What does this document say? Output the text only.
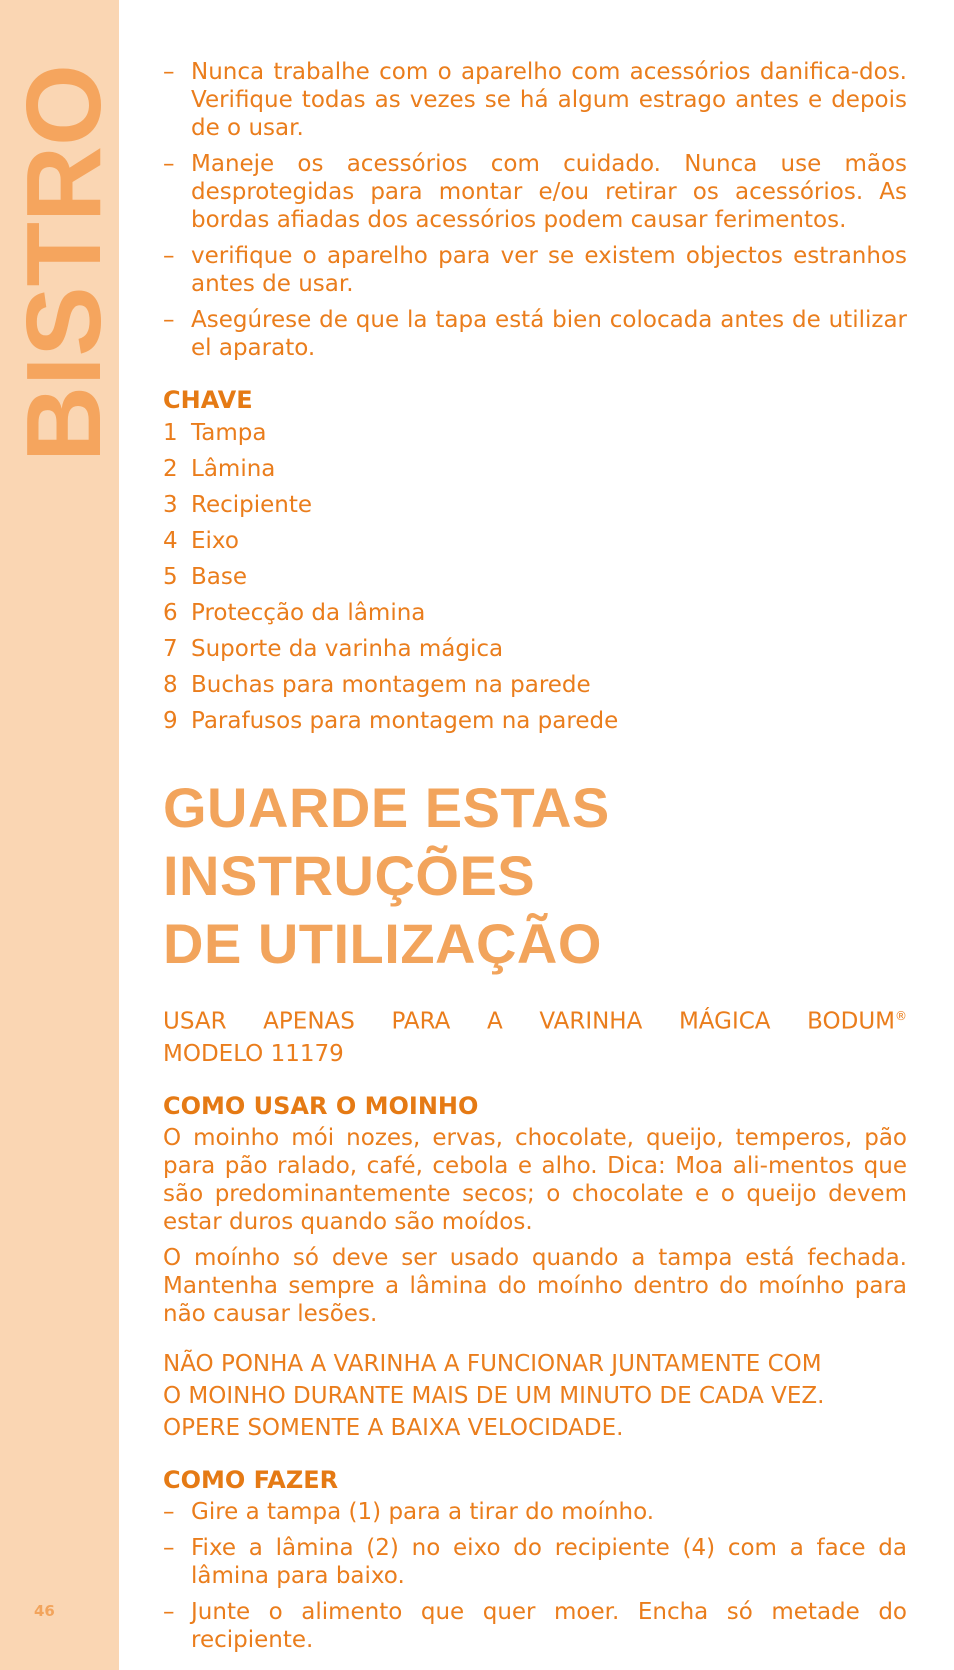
BISTRO
46
– Nunca trabalhe com o aparelho com acessórios danifica-dos. Verifique todas as vezes se há algum estrago antes e depois de o usar.
– Maneje os acessórios com cuidado. Nunca use mãos desprotegidas para montar e/ou retirar os acessórios. As bordas afiadas dos acessórios podem causar ferimentos.
– verifique o aparelho para ver se existem objectos estranhos antes de usar.
– Asegúrese de que la tapa está bien colocada antes de utilizar el aparato.
CHAVE
1 Tampa
2 Lâmina
3 Recipiente
4 Eixo
5 Base
6 Protecção da lâmina
7 Suporte da varinha mágica
8 Buchas para montagem na parede
9 Parafusos para montagem na parede
GUARDE ESTAS INSTRUÇÕES
DE UTILIZAÇÃO
USAR APENAS PARA A VARINHA MÁGICA BODUM®
MODELO 11179
COMO USAR O MOINHO

O moinho mói nozes, ervas, chocolate, queijo, temperos, pão para pão ralado, café, cebola e alho. Dica: Moa ali-mentos que são predominantemente secos; o chocolate e o queijo devem estar duros quando são moídos.

O moínho só deve ser usado quando a tampa está fechada. Mantenha sempre a lâmina do moínho dentro do moínho para não causar lesões.

NÃO PONHA A VARINHA A FUNCIONAR JUNTAMENTE COM
O MOINHO DURANTE MAIS DE UM MINUTO DE CADA VEZ.
OPERE SOMENTE A BAIXA VELOCIDADE.
COMO FAZER
– Gire a tampa (1) para a tirar do moínho.
– Fixe a lâmina (2) no eixo do recipiente (4) com a face da lâmina para baixo.
– Junte o alimento que quer moer. Encha só metade do recipiente.
